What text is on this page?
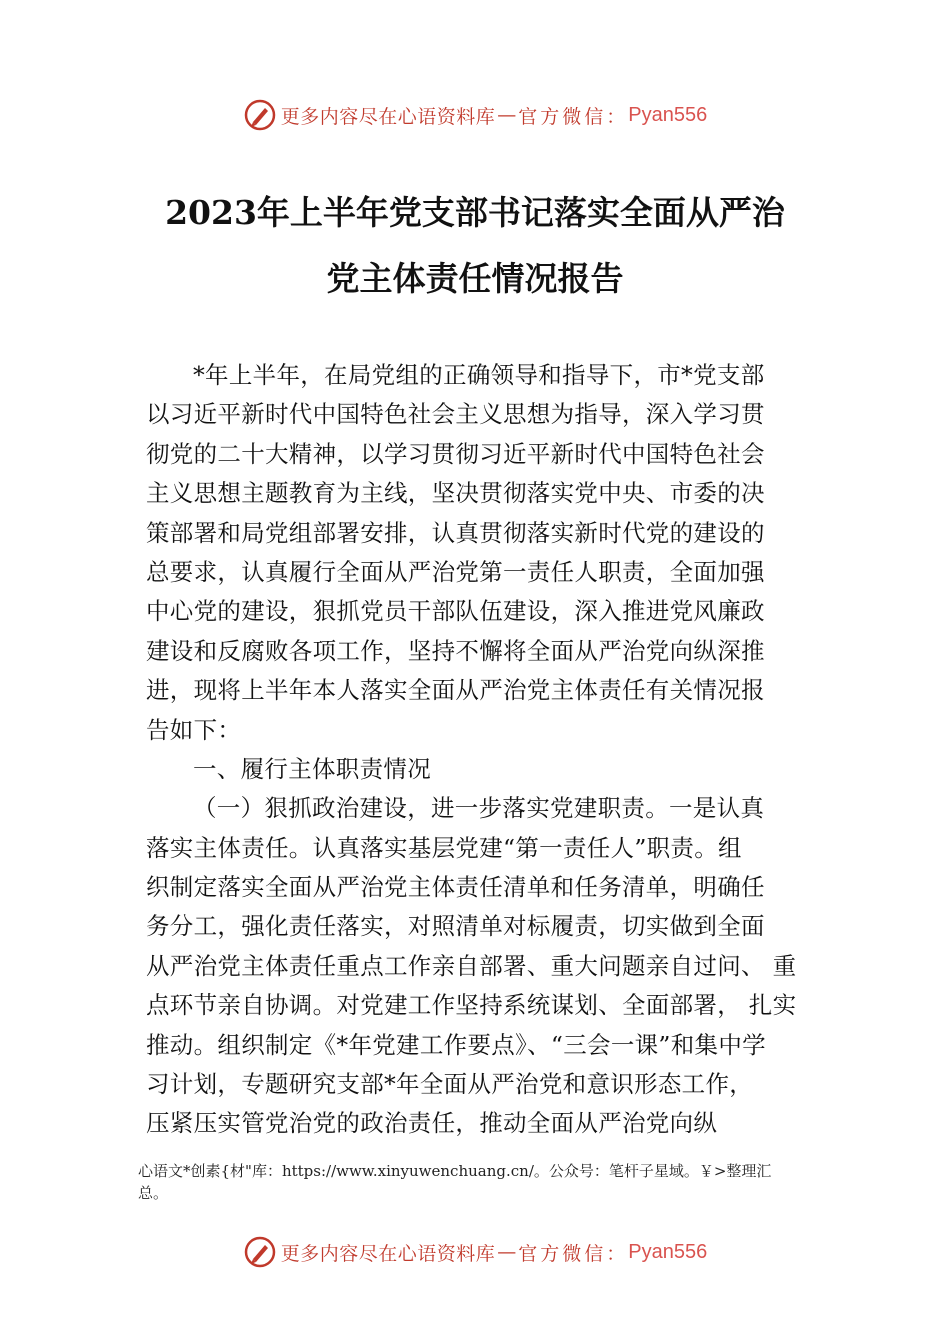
更多内容尽在心语资料库 — 官方微信： Pyan556
2023年上半年党支部书记落实全面从严治
党主体责任情况报告
*年上半年，在局党组的正确领导和指导下，市*党支部
以习近平新时代中国特色社会主义思想为指导，深入学习贯
彻党的二十大精神，以学习贯彻习近平新时代中国特色社会
主义思想主题教育为主线，坚决贯彻落实党中央、市委的决
策部署和局党组部署安排，认真贯彻落实新时代党的建设的
总要求，认真履行全面从严治党第一责任人职责，全面加强
中心党的建设，狠抓党员干部队伍建设，深入推进党风廉政
建设和反腐败各项工作，坚持不懈将全面从严治党向纵深推
进，现将上半年本人落实全面从严治党主体责任有关情况报
告如下：
一、履行主体职责情况
（一）狠抓政治建设，进一步落实党建职责。一是认真
落实主体责任。认真落实基层党建“第一责任人”职责。组
织制定落实全面从严治党主体责任清单和任务清单，明确任
务分工，强化责任落实，对照清单对标履责，切实做到全面
从严治党主体责任重点工作亲自部署、重大问题亲自过问、 重
点环节亲自协调。对党建工作坚持系统谋划、全面部署， 扎实
推动。组织制定《*年党建工作要点》、“三会一课”和集中学
习计划，专题研究支部*年全面从严治党和意识形态工作，
压紧压实管党治党的政治责任，推动全面从严治党向纵
心语文*创素{材"库：https://www.xinyuwenchuang.cn/。公众号：笔杆子星域。￥>整理汇
总。
更多内容尽在心语资料库 — 官方微信： Pyan556
